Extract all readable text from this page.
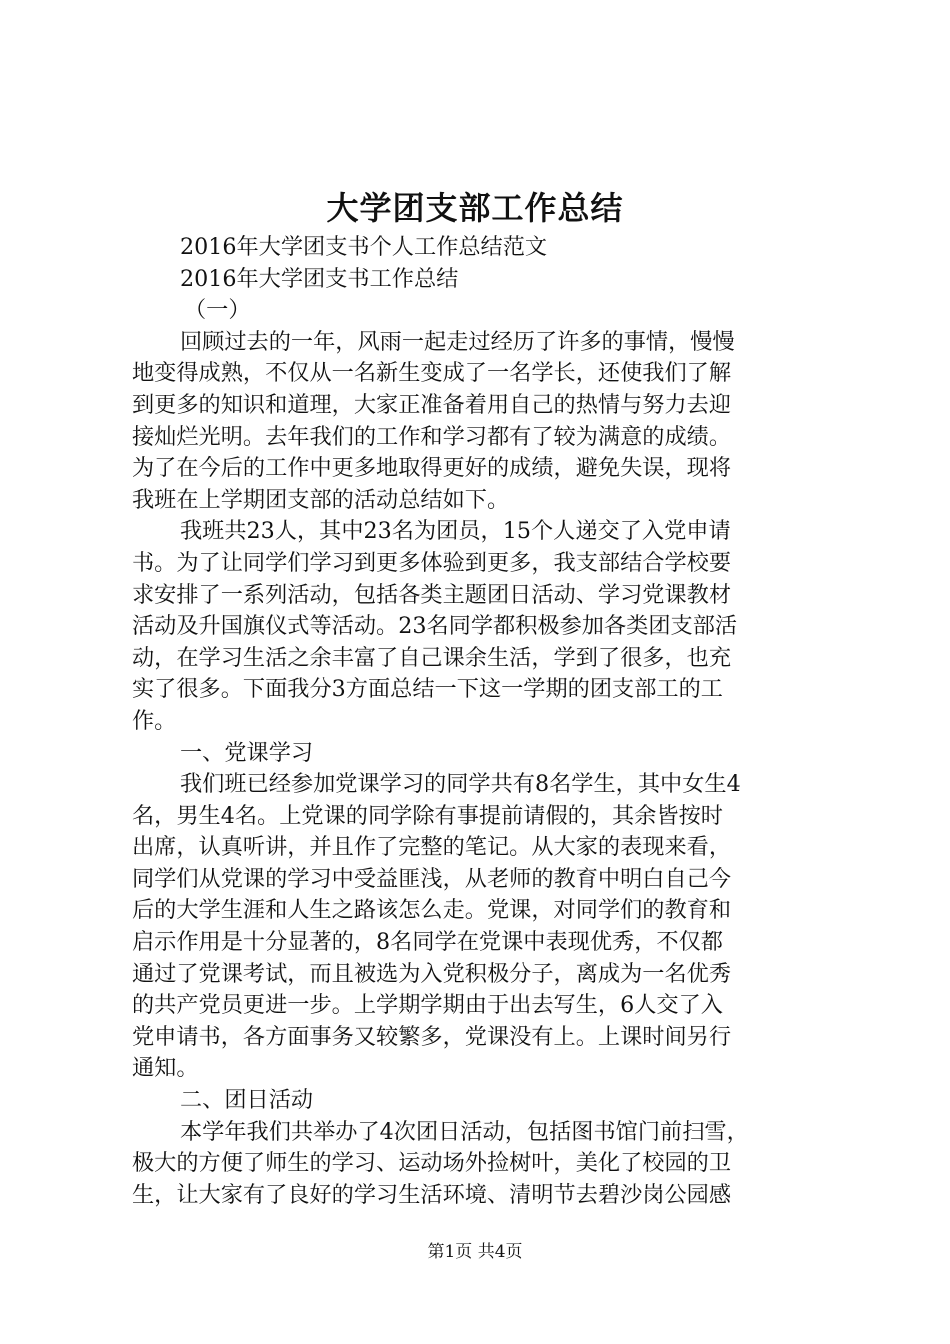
大学团支部工作总结
2016年大学团支书个人工作总结范文
2016年大学团支书工作总结
（一）
回顾过去的一年，风雨一起走过经历了许多的事情，慢慢
地变得成熟，不仅从一名新生变成了一名学长，还使我们了解
到更多的知识和道理，大家正准备着用自己的热情与努力去迎
接灿烂光明。去年我们的工作和学习都有了较为满意的成绩。
为了在今后的工作中更多地取得更好的成绩，避免失误，现将
我班在上学期团支部的活动总结如下。
我班共23人，其中23名为团员，15个人递交了入党申请
书。为了让同学们学习到更多体验到更多，我支部结合学校要
求安排了一系列活动，包括各类主题团日活动、学习党课教材
活动及升国旗仪式等活动。23名同学都积极参加各类团支部活
动，在学习生活之余丰富了自己课余生活，学到了很多，也充
实了很多。下面我分3方面总结一下这一学期的团支部工的工
作。
一、党课学习
我们班已经参加党课学习的同学共有8名学生，其中女生4
名，男生4名。上党课的同学除有事提前请假的，其余皆按时
出席，认真听讲，并且作了完整的笔记。从大家的表现来看，
同学们从党课的学习中受益匪浅，从老师的教育中明白自己今
后的大学生涯和人生之路该怎么走。党课，对同学们的教育和
启示作用是十分显著的，8名同学在党课中表现优秀，不仅都
通过了党课考试，而且被选为入党积极分子，离成为一名优秀
的共产党员更进一步。上学期学期由于出去写生，6人交了入
党申请书，各方面事务又较繁多，党课没有上。上课时间另行
通知。
二、团日活动
本学年我们共举办了4次团日活动，包括图书馆门前扫雪，
极大的方便了师生的学习、运动场外捡树叶，美化了校园的卫
生，让大家有了良好的学习生活环境、清明节去碧沙岗公园感
第1页 共4页
